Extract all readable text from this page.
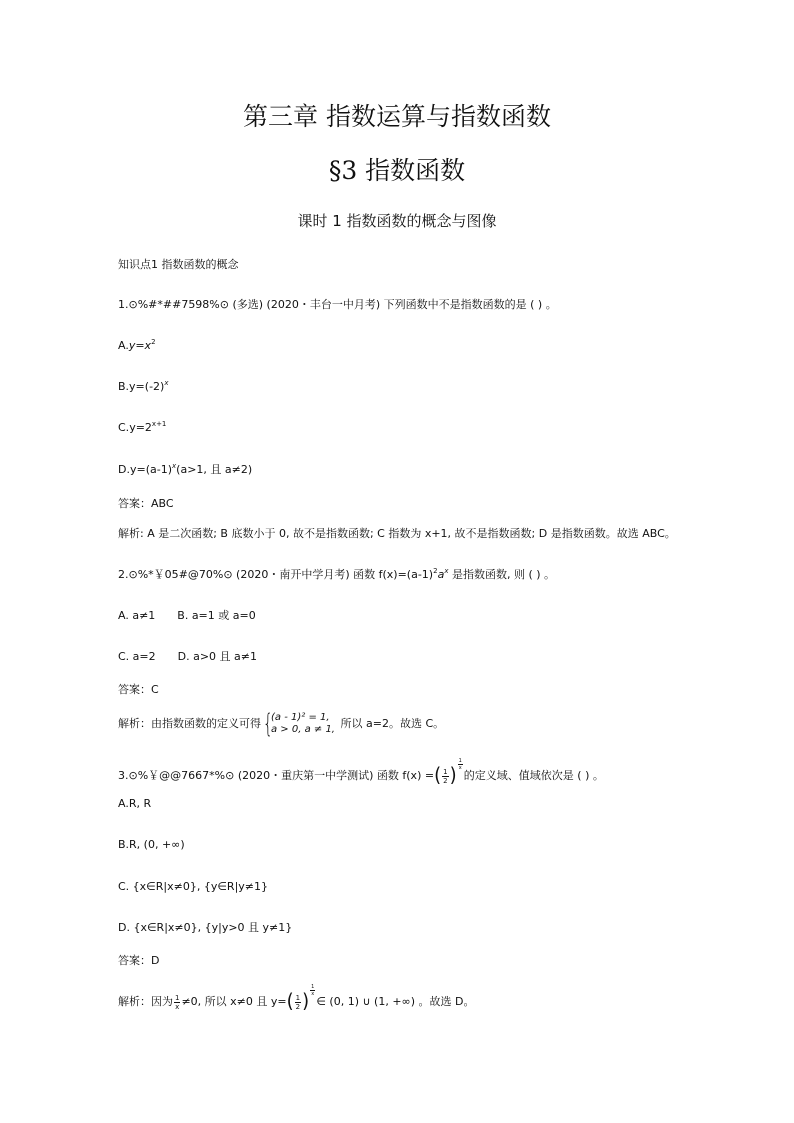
第三章 指数运算与指数函数
§3 指数函数
课时 1 指数函数的概念与图像
知识点1 指数函数的概念
1.⊙%#*##7598%⊙ (多选) (2020・丰台一中月考) 下列函数中不是指数函数的是 ( ) 。
$A.y=x^2$
$B.y=(-2)^x$
$C.y=2^{x+1}$
$D.y=(a-1)^x(a>1$, 且 a≠2)
答案：ABC
解析: A 是二次函数; B 底数小于 0, 故不是指数函数; C 指数为 x+1, 故不是指数函数; D 是指数函数。故选 ABC。
2.⊙%*￥05#@70%⊙ (2020・南开中学月考) 函数 $f(x)=(a-1)^2a^x$ 是指数函数, 则 ( ) 。
A. a≠1 B. a=1 或 a=0
C. a=2 D. a>0 且 a≠1
答案：C
解析：由指数函数的定义可得 {
(a - 1)² = 1,
a > 0, a ≠ 1, 所以 a=2。故选 C。
3.⊙%￥@@7667*%⊙ (2020・重庆第一中学测试) 函数 f(x) =( $\frac{1}{2}$ ) $\frac{1}{x}$
的定义域、值域依次是 ( ) 。
A.R, R
B.R, (0, +∞)
C. {x∈R|x≠0}, {y∈R|y≠1}
D. {x∈R|x≠0}, {y|y>0 且 y≠1}
答案：D
解析：因为 $\frac{1}{x} \ne 0$, 所以 x≠0 且 $y=( \frac{1}{2}$ ) $\frac{1}{x}$
∈ (0, 1) ∪ (1, +∞) 。故选 D。
